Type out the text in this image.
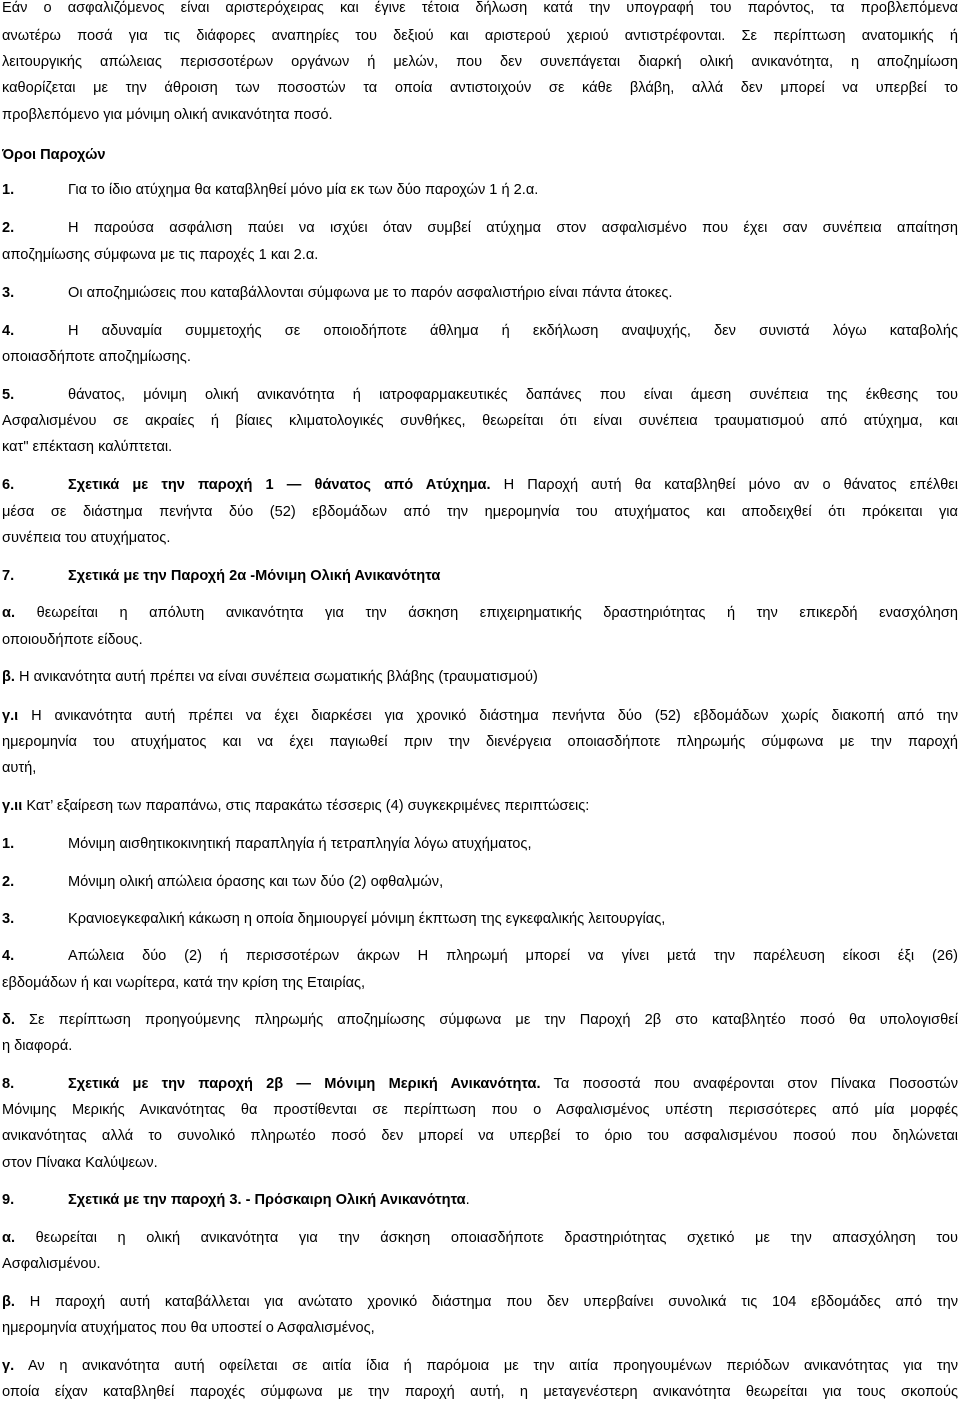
Εάν ο ασφαλιζόμενος είναι αριστερόχειρας και έγινε τέτοια δήλωση κατά την υπογραφή του παρόντος, τα προβλεπόμενα
ανωτέρω ποσά για τις διάφορες αναπηρίες του δεξιού και αριστερού χεριού αντιστρέφονται. Σε περίπτωση ανατομικής ή
λειτουργικής απώλειας περισσοτέρων οργάνων ή μελών, που δεν συνεπάγεται διαρκή ολική ανικανότητα, η αποζημίωση
καθορίζεται με την άθροιση των ποσοστών τα οποία αντιστοιχούν σε κάθε βλάβη, αλλά δεν μπορεί να υπερβεί το
προβλεπόμενο για μόνιμη ολική ανικανότητα ποσό.
Όροι Παροχών
1.	Για το ίδιο ατύχημα θα καταβληθεί μόνο μία εκ των δύο παροχών 1 ή 2.α.
2.	Η παρούσα ασφάλιση παύει να ισχύει όταν συμβεί ατύχημα στον ασφαλισμένο που έχει σαν συνέπεια απαίτηση
αποζημίωσης σύμφωνα με τις παροχές 1 και 2.α.
3.	Οι αποζημιώσεις που καταβάλλονται σύμφωνα με το παρόν ασφαλιστήριο είναι πάντα άτοκες.
4.	Η αδυναμία συμμετοχής σε οποιοδήποτε άθλημα ή εκδήλωση αναψυχής, δεν συνιστά λόγω καταβολής
οποιασδήποτε αποζημίωσης.
5.	θάνατος, μόνιμη ολική ανικανότητα ή ιατροφαρμακευτικές δαπάνες που είναι άμεση συνέπεια της έκθεσης του
Ασφαλισμένου σε ακραίες ή βίαιες κλιματολογικές συνθήκες, θεωρείται ότι είναι συνέπεια τραυματισμού από ατύχημα, και
κατ" επέκταση καλύπτεται.
6.	Σχετικά με την παροχή 1 — θάνατος από Ατύχημα. Η Παροχή αυτή θα καταβληθεί μόνο αν ο θάνατος επέλθει
μέσα σε διάστημα πενήντα δύο (52) εβδομάδων από την ημερομηνία του ατυχήματος και αποδειχθεί ότι πρόκειται για
συνέπεια του ατυχήματος.
7.	Σχετικά με την Παροχή 2α -Μόνιμη Ολική Ανικανότητα
α. θεωρείται η απόλυτη ανικανότητα για την άσκηση επιχειρηματικής δραστηριότητας ή την επικερδή ενασχόληση
οποιουδήποτε είδους.
β. Η ανικανότητα αυτή πρέπει να είναι συνέπεια σωματικής βλάβης (τραυματισμού)
γ.ι Η ανικανότητα αυτή πρέπει να έχει διαρκέσει για χρονικό διάστημα πενήντα δύο (52) εβδομάδων χωρίς διακοπή από την
ημερομηνία του ατυχήματος και να έχει παγιωθεί πριν την διενέργεια οποιασδήποτε πληρωμής σύμφωνα με την παροχή
αυτή,
γ.ιι Κατ’ εξαίρεση των παραπάνω, στις παρακάτω τέσσερις (4) συγκεκριμένες περιπτώσεις:
1.	Μόνιμη αισθητικοκινητική παραπληγία ή τετραπληγία λόγω ατυχήματος,
2.	Μόνιμη ολική απώλεια όρασης και των δύο (2) οφθαλμών,
3.	Κρανιοεγκεφαλική κάκωση η οποία δημιουργεί μόνιμη έκπτωση της εγκεφαλικής λειτουργίας,
4.	Απώλεια δύο (2) ή περισσοτέρων άκρων Η πληρωμή μπορεί να γίνει μετά την παρέλευση είκοσι έξι (26)
εβδομάδων ή και νωρίτερα, κατά την κρίση της Εταιρίας,
δ. Σε περίπτωση προηγούμενης πληρωμής αποζημίωσης σύμφωνα με την Παροχή 2β στο καταβλητέο ποσό θα υπολογισθεί
η διαφορά.
8.	Σχετικά με την παροχή 2β — Μόνιμη Μερική Ανικανότητα. Τα ποσοστά που αναφέρονται στον Πίνακα Ποσοστών
Μόνιμης Μερικής Ανικανότητας θα προστίθενται σε περίπτωση που ο Ασφαλισμένος υπέστη περισσότερες από μία μορφές
ανικανότητας αλλά το συνολικό πληρωτέο ποσό δεν μπορεί να υπερβεί το όριο του ασφαλισμένου ποσού που δηλώνεται
στον Πίνακα Καλύψεων.
9.	Σχετικά με την παροχή 3. - Πρόσκαιρη Ολική Ανικανότητα.
α. θεωρείται η ολική ανικανότητα για την άσκηση οποιασδήποτε δραστηριότητας σχετικό με την απασχόληση του
Ασφαλισμένου.
β. Η παροχή αυτή καταβάλλεται για ανώτατο χρονικό διάστημα που δεν υπερβαίνει συνολικά τις 104 εβδομάδες από την
ημερομηνία ατυχήματος που θα υποστεί ο Ασφαλισμένος,
γ. Αν η ανικανότητα αυτή οφείλεται σε αιτία ίδια ή παρόμοια με την αιτία προηγουμένων περιόδων ανικανότητας για την
οποία είχαν καταβληθεί παροχές σύμφωνα με την παροχή αυτή, η μεταγενέστερη ανικανότητα θεωρείται για τους σκοπούς
